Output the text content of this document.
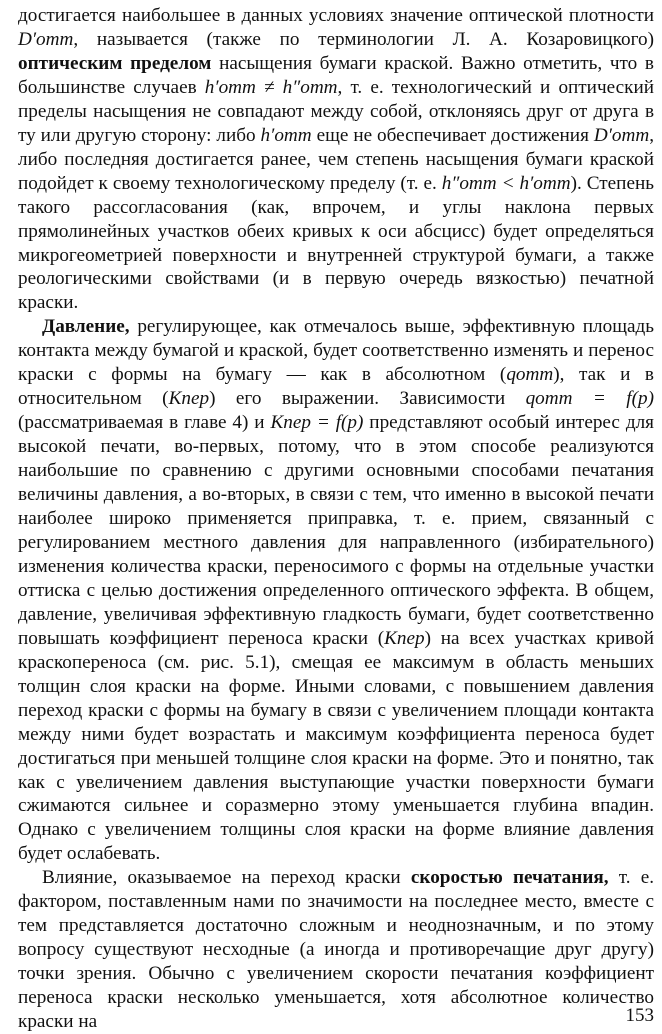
достигается наибольшее в данных условиях значение оптической плотности D′отт, называется (также по терминологии Л. А. Козаровицкого) оптическим пределом насыщения бумаги краской. Важно отметить, что в большинстве случаев h′отт ≠ h″отт, т. е. технологический и оптический пределы насыщения не совпадают между собой, отклоняясь друг от друга в ту или другую сторону: либо h′отт еще не обеспечивает достижения D′отт, либо последняя достигается ранее, чем степень насыщения бумаги краской подойдет к своему технологическому пределу (т. е. h″отт < h′отт). Степень такого рассогласования (как, впрочем, и углы наклона первых прямолинейных участков обеих кривых к оси абсцисс) будет определяться микрогеометрией поверхности и внутренней структурой бумаги, а также реологическими свойствами (и в первую очередь вязкостью) печатной краски.

Давление, регулирующее, как отмечалось выше, эффективную площадь контакта между бумагой и краской, будет соответственно изменять и перенос краски с формы на бумагу — как в абсолютном (qотт), так и в относительном (Kпер) его выражении. Зависимости qотт = f(p) (рассматриваемая в главе 4) и Kпер = f(p) представляют особый интерес для высокой печати, во-первых, потому, что в этом способе реализуются наибольшие по сравнению с другими основными способами печатания величины давления, а во-вторых, в связи с тем, что именно в высокой печати наиболее широко применяется приправка, т. е. прием, связанный с регулированием местного давления для направленного (избирательного) изменения количества краски, переносимого с формы на отдельные участки оттиска с целью достижения определенного оптического эффекта. В общем, давление, увеличивая эффективную гладкость бумаги, будет соответственно повышать коэффициент переноса краски (Kпер) на всех участках кривой краскопереноса (см. рис. 5.1), смещая ее максимум в область меньших толщин слоя краски на форме. Иными словами, с повышением давления переход краски с формы на бумагу в связи с увеличением площади контакта между ними будет возрастать и максимум коэффициента переноса будет достигаться при меньшей толщине слоя краски на форме. Это и понятно, так как с увеличением давления выступающие участки поверхности бумаги сжимаются сильнее и соразмерно этому уменьшается глубина впадин. Однако с увеличением толщины слоя краски на форме влияние давления будет ослабевать.

Влияние, оказываемое на переход краски скоростью печатания, т. е. фактором, поставленным нами по значимости на последнее место, вместе с тем представляется достаточно сложным и неоднозначным, и по этому вопросу существуют несходные (а иногда и противоречащие друг другу) точки зрения. Обычно с увеличением скорости печатания коэффициент переноса краски несколько уменьшается, хотя абсолютное количество краски на	153
